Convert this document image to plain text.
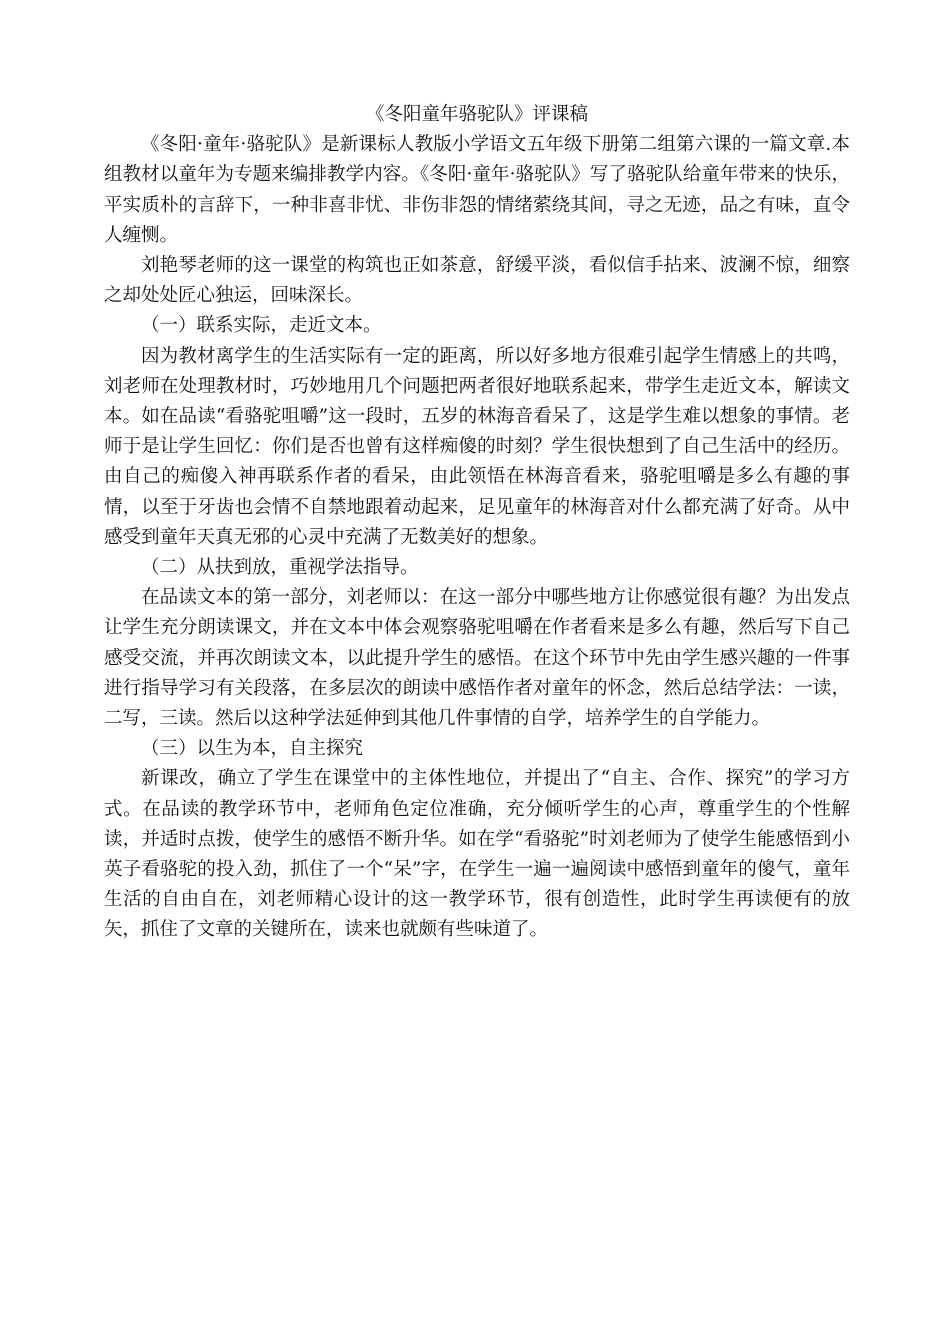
《冬阳童年骆驼队》评课稿

《冬阳·童年·骆驼队》是新课标人教版小学语文五年级下册第二组第六课的一篇文章.本组教材以童年为专题来编排教学内容。《冬阳·童年·骆驼队》写了骆驼队给童年带来的快乐，平实质朴的言辞下，一种非喜非忧、非伤非怨的情绪萦绕其间，寻之无迹，品之有味，直令人缠恻。

刘艳琴老师的这一课堂的构筑也正如茶意，舒缓平淡，看似信手拈来、波澜不惊，细察之却处处匠心独运，回味深长。

（一）联系实际，走近文本。

因为教材离学生的生活实际有一定的距离，所以好多地方很难引起学生情感上的共鸣，刘老师在处理教材时，巧妙地用几个问题把两者很好地联系起来，带学生走近文本，解读文本。如在品读“看骆驼咀嚼”这一段时，五岁的林海音看呆了，这是学生难以想象的事情。老师于是让学生回忆：你们是否也曾有这样痴傻的时刻？学生很快想到了自己生活中的经历。由自己的痴傻入神再联系作者的看呆，由此领悟在林海音看来，骆驼咀嚼是多么有趣的事情，以至于牙齿也会情不自禁地跟着动起来，足见童年的林海音对什么都充满了好奇。从中感受到童年天真无邪的心灵中充满了无数美好的想象。

（二）从扶到放，重视学法指导。

在品读文本的第一部分，刘老师以：在这一部分中哪些地方让你感觉很有趣？为出发点让学生充分朗读课文，并在文本中体会观察骆驼咀嚼在作者看来是多么有趣，然后写下自己感受交流，并再次朗读文本，以此提升学生的感悟。在这个环节中先由学生感兴趣的一件事进行指导学习有关段落，在多层次的朗读中感悟作者对童年的怀念，然后总结学法：一读，二写，三读。然后以这种学法延伸到其他几件事情的自学，培养学生的自学能力。

（三）以生为本，自主探究

新课改，确立了学生在课堂中的主体性地位，并提出了“自主、合作、探究”的学习方式。在品读的教学环节中，老师角色定位准确，充分倾听学生的心声，尊重学生的个性解读，并适时点拨，使学生的感悟不断升华。如在学“看骆驼”时刘老师为了使学生能感悟到小英子看骆驼的投入劲，抓住了一个“呆”字，在学生一遍一遍阅读中感悟到童年的傻气，童年生活的自由自在，刘老师精心设计的这一教学环节，很有创造性，此时学生再读便有的放矢，抓住了文章的关键所在，读来也就颇有些味道了。
